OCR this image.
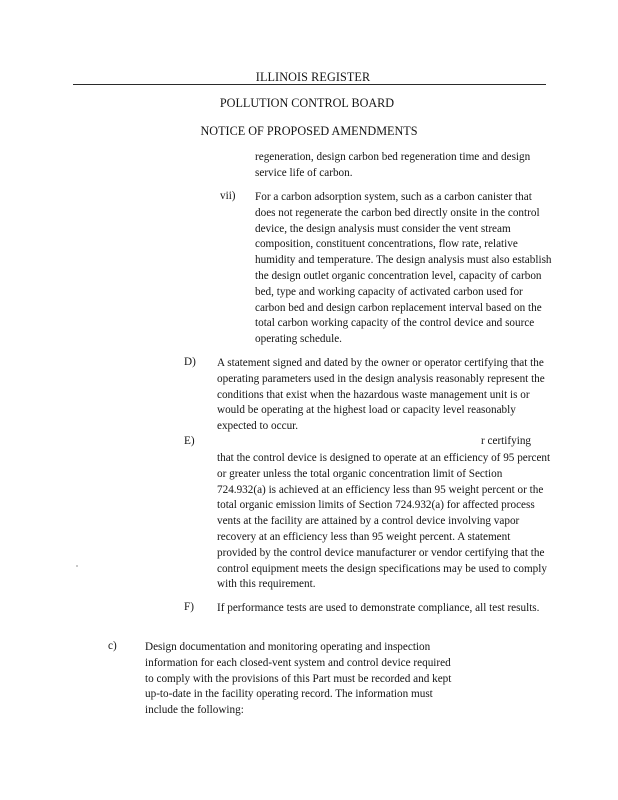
ILLINOIS REGISTER
POLLUTION CONTROL BOARD
NOTICE OF PROPOSED AMENDMENTS
regeneration, design carbon bed regeneration time and design service life of carbon.
vii) For a carbon adsorption system, such as a carbon canister that does not regenerate the carbon bed directly onsite in the control device, the design analysis must consider the vent stream composition, constituent concentrations, flow rate, relative humidity and temperature. The design analysis must also establish the design outlet organic concentration level, capacity of carbon bed, type and working capacity of activated carbon used for carbon bed and design carbon replacement interval based on the total carbon working capacity of the control device and source operating schedule.
D) A statement signed and dated by the owner or operator certifying that the operating parameters used in the design analysis reasonably represent the conditions that exist when the hazardous waste management unit is or would be operating at the highest load or capacity level reasonably expected to occur.
E)	r certifying
that the control device is designed to operate at an efficiency of 95 percent or greater unless the total organic concentration limit of Section 724.932(a) is achieved at an efficiency less than 95 weight percent or the total organic emission limits of Section 724.932(a) for affected process vents at the facility are attained by a control device involving vapor recovery at an efficiency less than 95 weight percent. A statement provided by the control device manufacturer or vendor certifying that the control equipment meets the design specifications may be used to comply with this requirement.
F) If performance tests are used to demonstrate compliance, all test results.
c)	Design documentation and monitoring operating and inspection information for each closed-vent system and control device required to comply with the provisions of this Part must be recorded and kept up-to-date in the facility operating record. The information must include the following:
